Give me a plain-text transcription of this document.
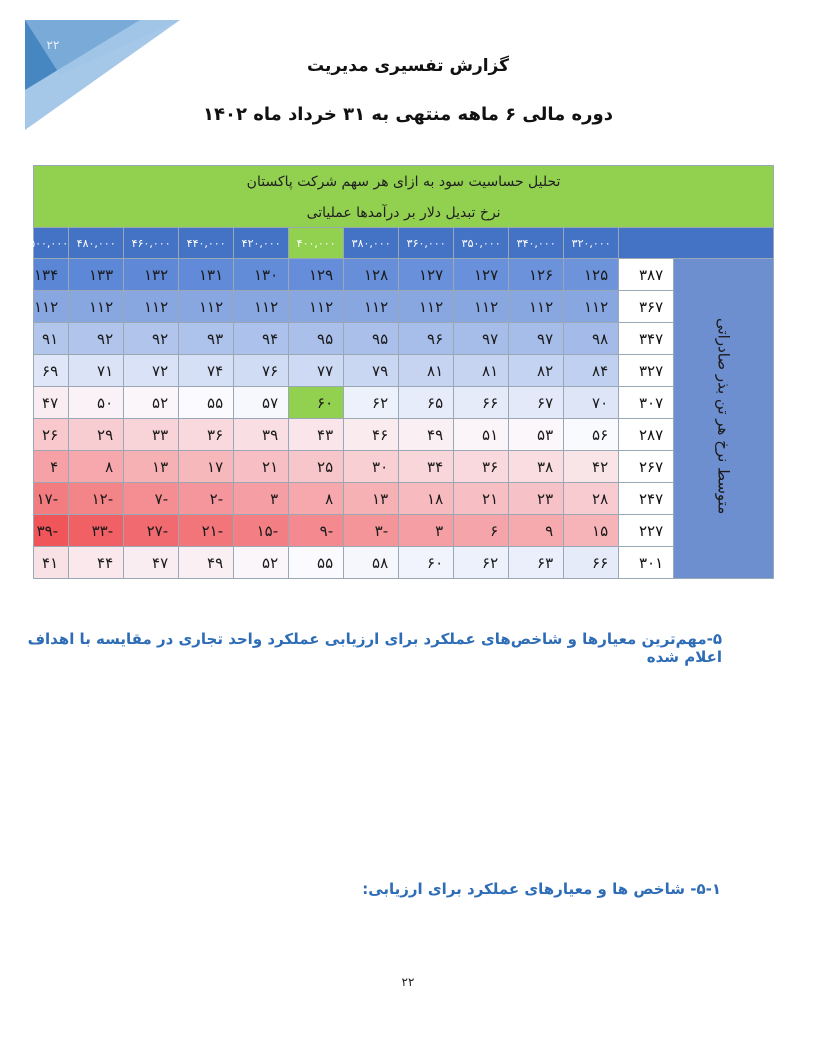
۲۲
گزارش تفسیری مدیریت
دوره مالی ۶ ماهه منتهی به ۳۱ خرداد ماه ۱۴۰۲
تحلیل حساسیت سود به ازای هر سهم شرکت پاکستان												
نرخ تبدیل دلار بر درآمدها عملیاتی												
		۳۲۰,۰۰۰	۳۴۰,۰۰۰	۳۵۰,۰۰۰	۳۶۰,۰۰۰	۳۸۰,۰۰۰	۴۰۰,۰۰۰	۴۲۰,۰۰۰	۴۴۰,۰۰۰	۴۶۰,۰۰۰	۴۸۰,۰۰۰	۵۰۰,۰۰۰
متوسط نرخ هر تن بذر صادراتی	۳۸۷	۱۲۵	۱۲۶	۱۲۷	۱۲۷	۱۲۸	۱۲۹	۱۳۰	۱۳۱	۱۳۲	۱۳۳	۱۳۴
	۳۶۷	۱۱۲	۱۱۲	۱۱۲	۱۱۲	۱۱۲	۱۱۲	۱۱۲	۱۱۲	۱۱۲	۱۱۲	۱۱۲
	۳۴۷	۹۸	۹۷	۹۷	۹۶	۹۵	۹۵	۹۴	۹۳	۹۲	۹۲	۹۱
	۳۲۷	۸۴	۸۲	۸۱	۸۱	۷۹	۷۷	۷۶	۷۴	۷۲	۷۱	۶۹
	۳۰۷	۷۰	۶۷	۶۶	۶۵	۶۲	۶۰	۵۷	۵۵	۵۲	۵۰	۴۷
	۲۸۷	۵۶	۵۳	۵۱	۴۹	۴۶	۴۳	۳۹	۳۶	۳۳	۲۹	۲۶
	۲۶۷	۴۲	۳۸	۳۶	۳۴	۳۰	۲۵	۲۱	۱۷	۱۳	۸	۴
	۲۴۷	۲۸	۲۳	۲۱	۱۸	۱۳	۸	۳	-۲	-۷	-۱۲	-۱۷
	۲۲۷	۱۵	۹	۶	۳	-۳	-۹	-۱۵	-۲۱	-۲۷	-۳۳	-۳۹
	۳۰۱	۶۶	۶۳	۶۲	۶۰	۵۸	۵۵	۵۲	۴۹	۴۷	۴۴	۴۱
۵-مهم‌ترین معیارها و شاخص‌های عملکرد برای ارزیابی عملکرد واحد تجاری در مقایسه با اهداف اعلام شده
۵-۱- شاخص ها و معیارهای عملکرد برای ارزیابی:
۲۲
